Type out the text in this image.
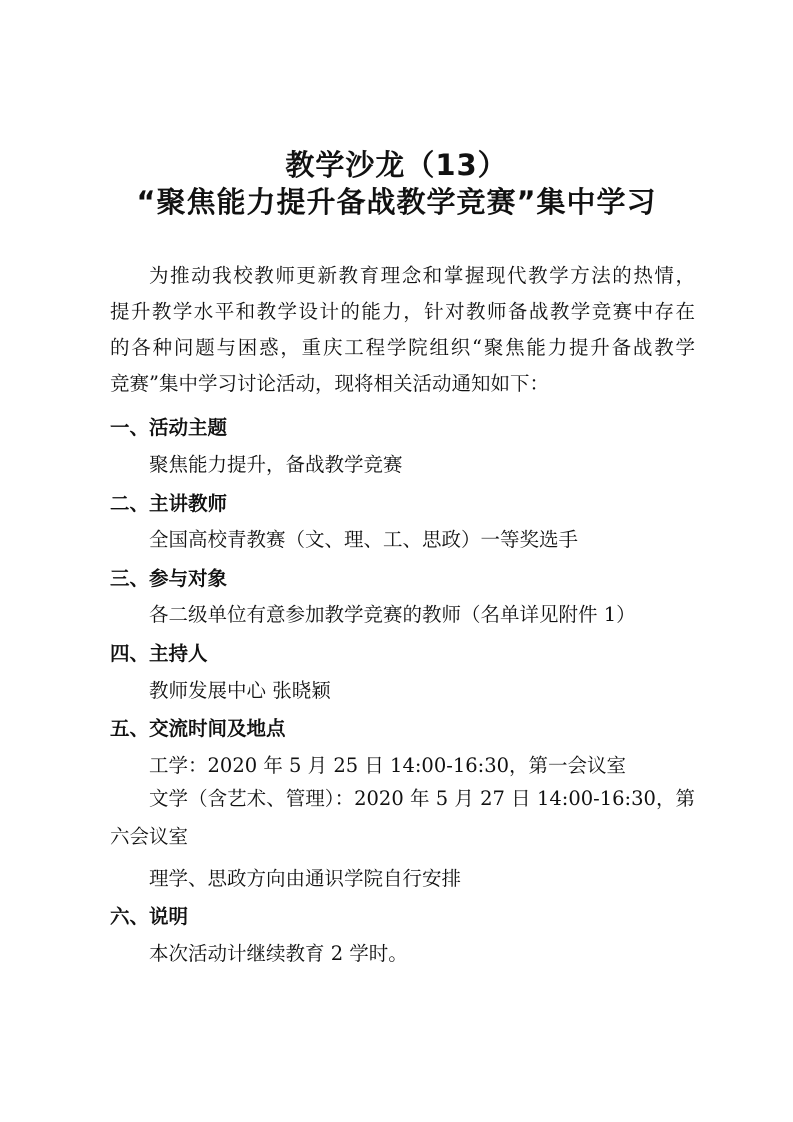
教学沙龙（13）
“聚焦能力提升备战教学竞赛”集中学习
为推动我校教师更新教育理念和掌握现代教学方法的热情，
提升教学水平和教学设计的能力，针对教师备战教学竞赛中存在
的各种问题与困惑，重庆工程学院组织“聚焦能力提升备战教学
竞赛”集中学习讨论活动，现将相关活动通知如下：
一、活动主题
聚焦能力提升，备战教学竞赛
二、主讲教师
全国高校青教赛（文、理、工、思政）一等奖选手
三、参与对象
各二级单位有意参加教学竞赛的教师（名单详见附件 1）
四、主持人
教师发展中心 张晓颖
五、交流时间及地点
工学：2020 年 5 月 25 日 14:00-16:30，第一会议室
文学（含艺术、管理）：2020 年 5 月 27 日 14:00-16:30，第
六会议室
理学、思政方向由通识学院自行安排
六、说明
本次活动计继续教育 2 学时。
